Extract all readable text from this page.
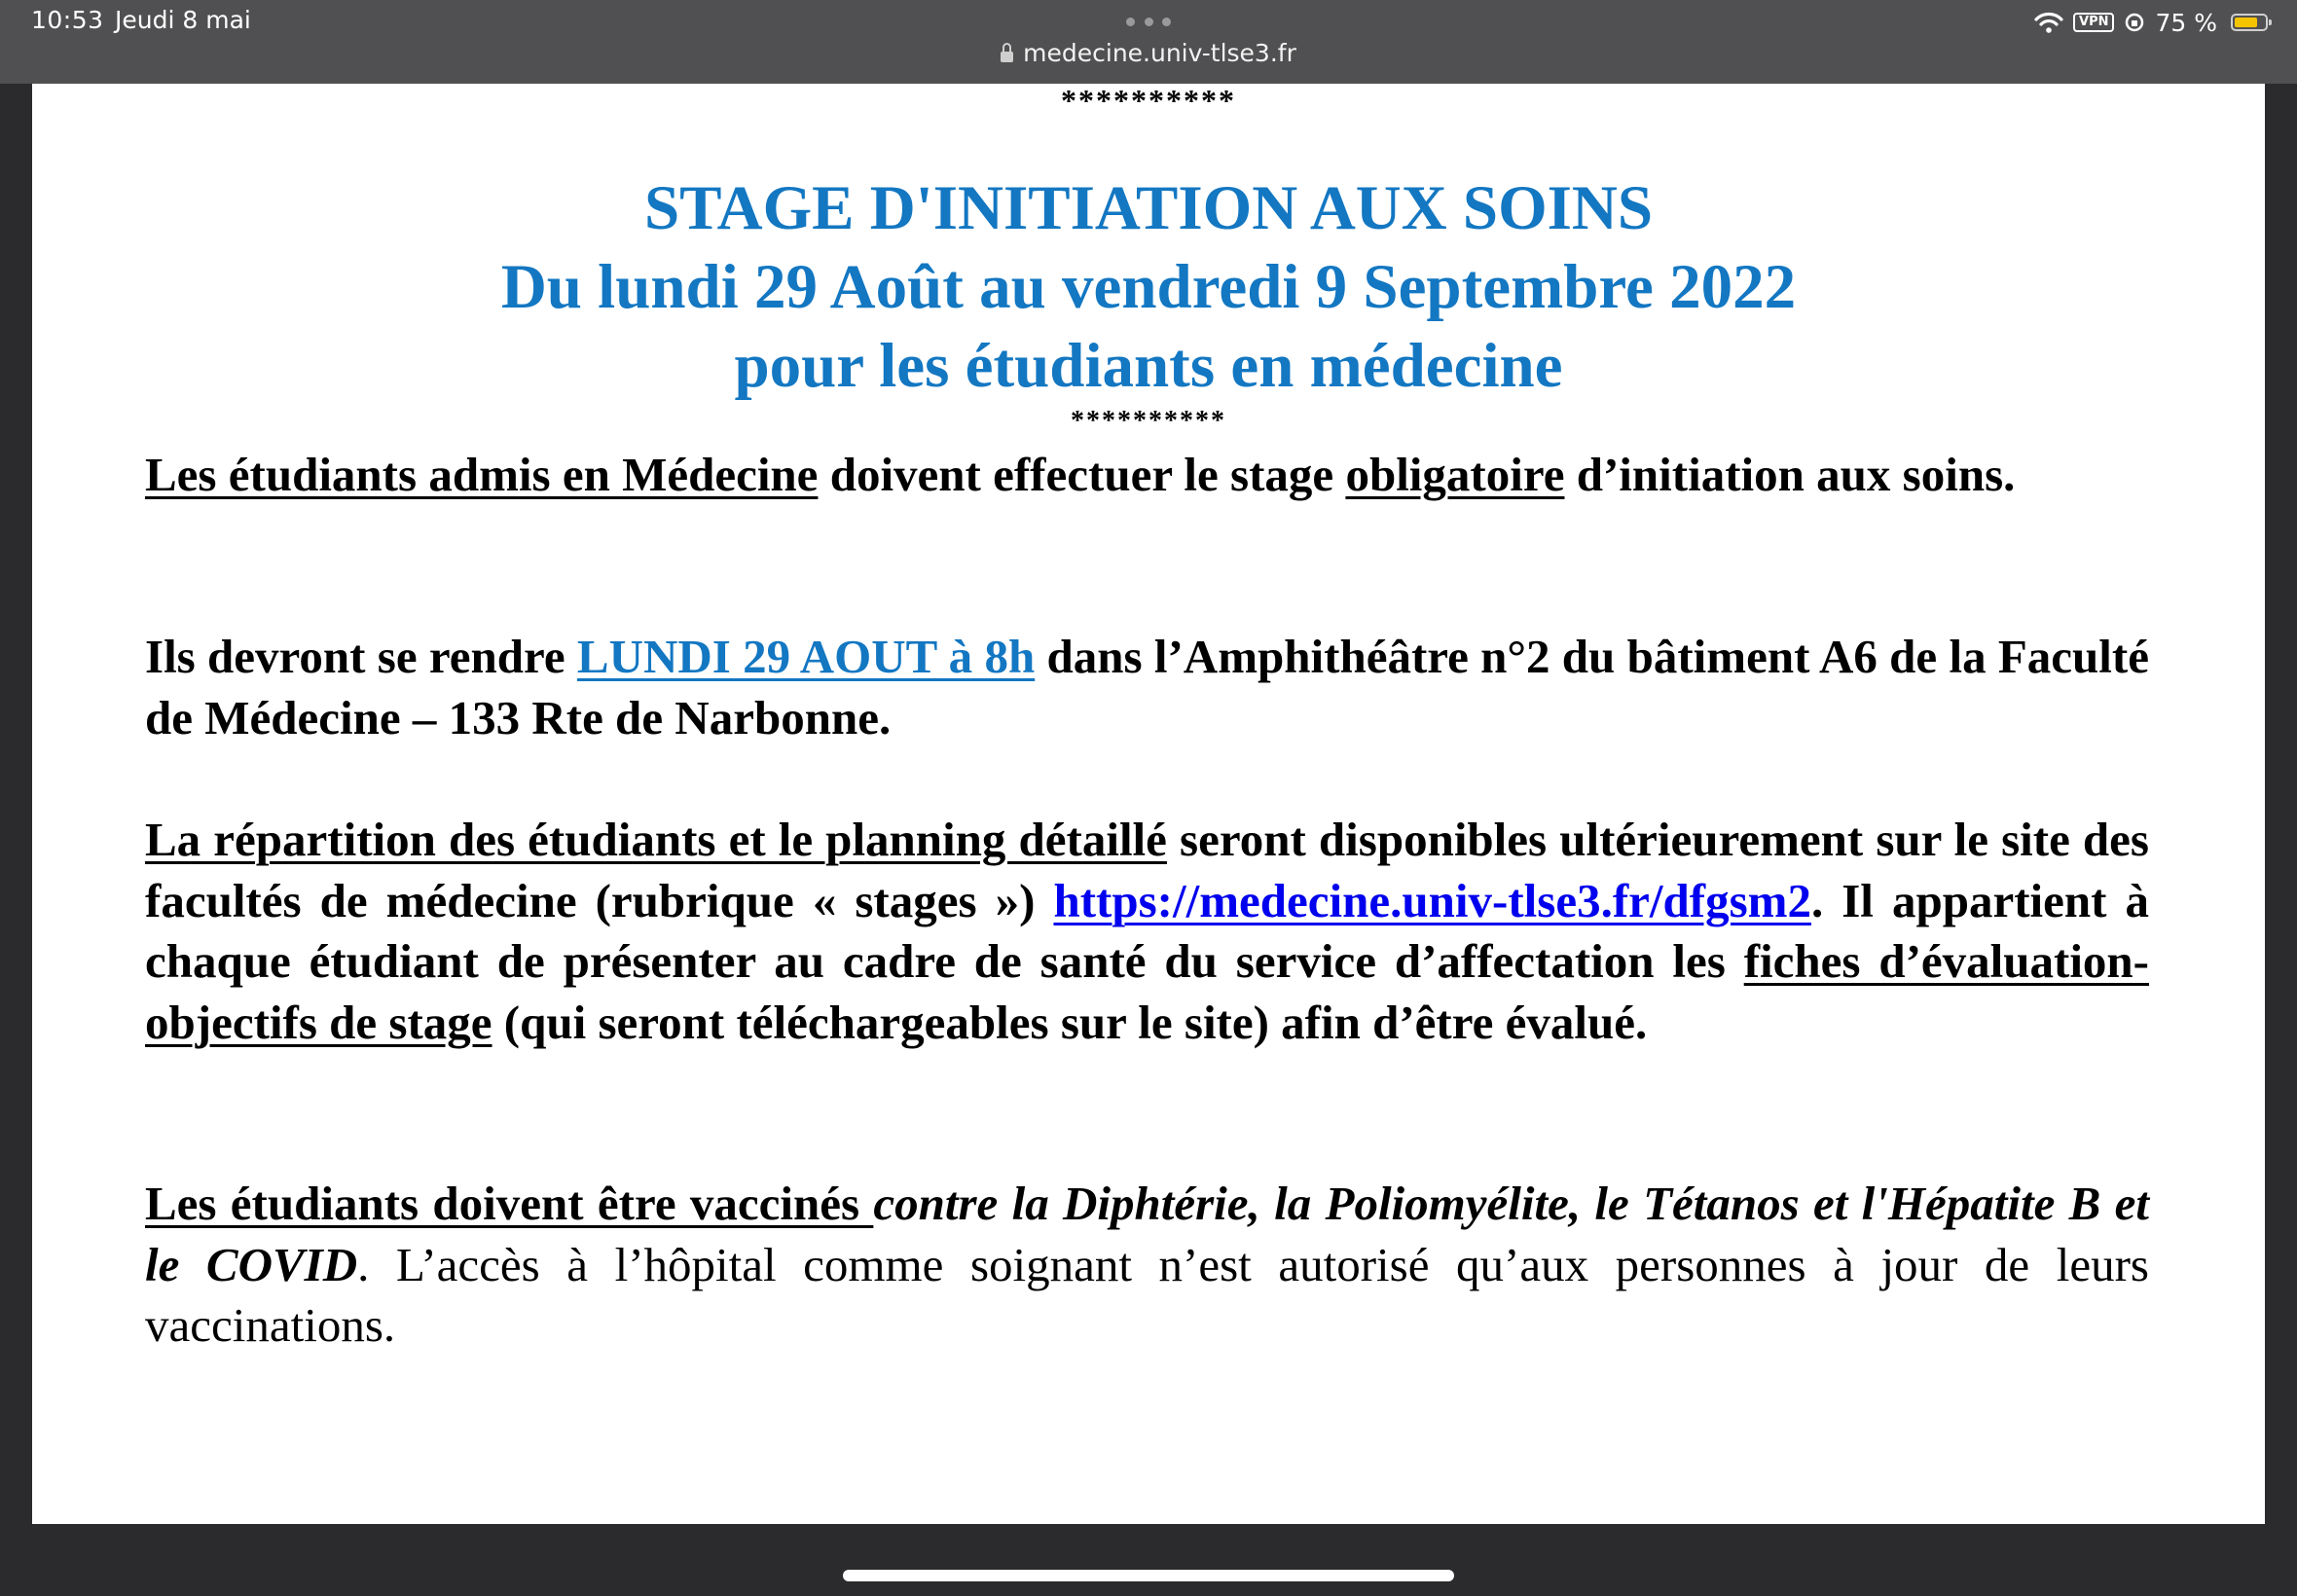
10:53 Jeudi 8 mai
medecine.univ-tlse3.fr
VPN 75 %
**********
STAGE D'INITIATION AUX SOINS
Du lundi 29 Août au vendredi 9 Septembre 2022
pour les étudiants en médecine
**********
Les étudiants admis en Médecine doivent effectuer le stage obligatoire d’initiation aux soins.
Ils devront se rendre LUNDI 29 AOUT à 8h dans l’Amphithéâtre n°2 du bâtiment A6 de la Faculté de Médecine – 133 Rte de Narbonne.
La répartition des étudiants et le planning détaillé seront disponibles ultérieurement sur le site des facultés de médecine (rubrique « stages ») https://medecine.univ-tlse3.fr/dfgsm2. Il appartient à chaque étudiant de présenter au cadre de santé du service d’affectation les fiches d’évaluation-objectifs de stage (qui seront téléchargeables sur le site) afin d’être évalué.
Les étudiants doivent être vaccinés contre la Diphtérie, la Poliomyélite, le Tétanos et l'Hépatite B et le COVID. L’accès à l’hôpital comme soignant n’est autorisé qu’aux personnes à jour de leurs vaccinations.
